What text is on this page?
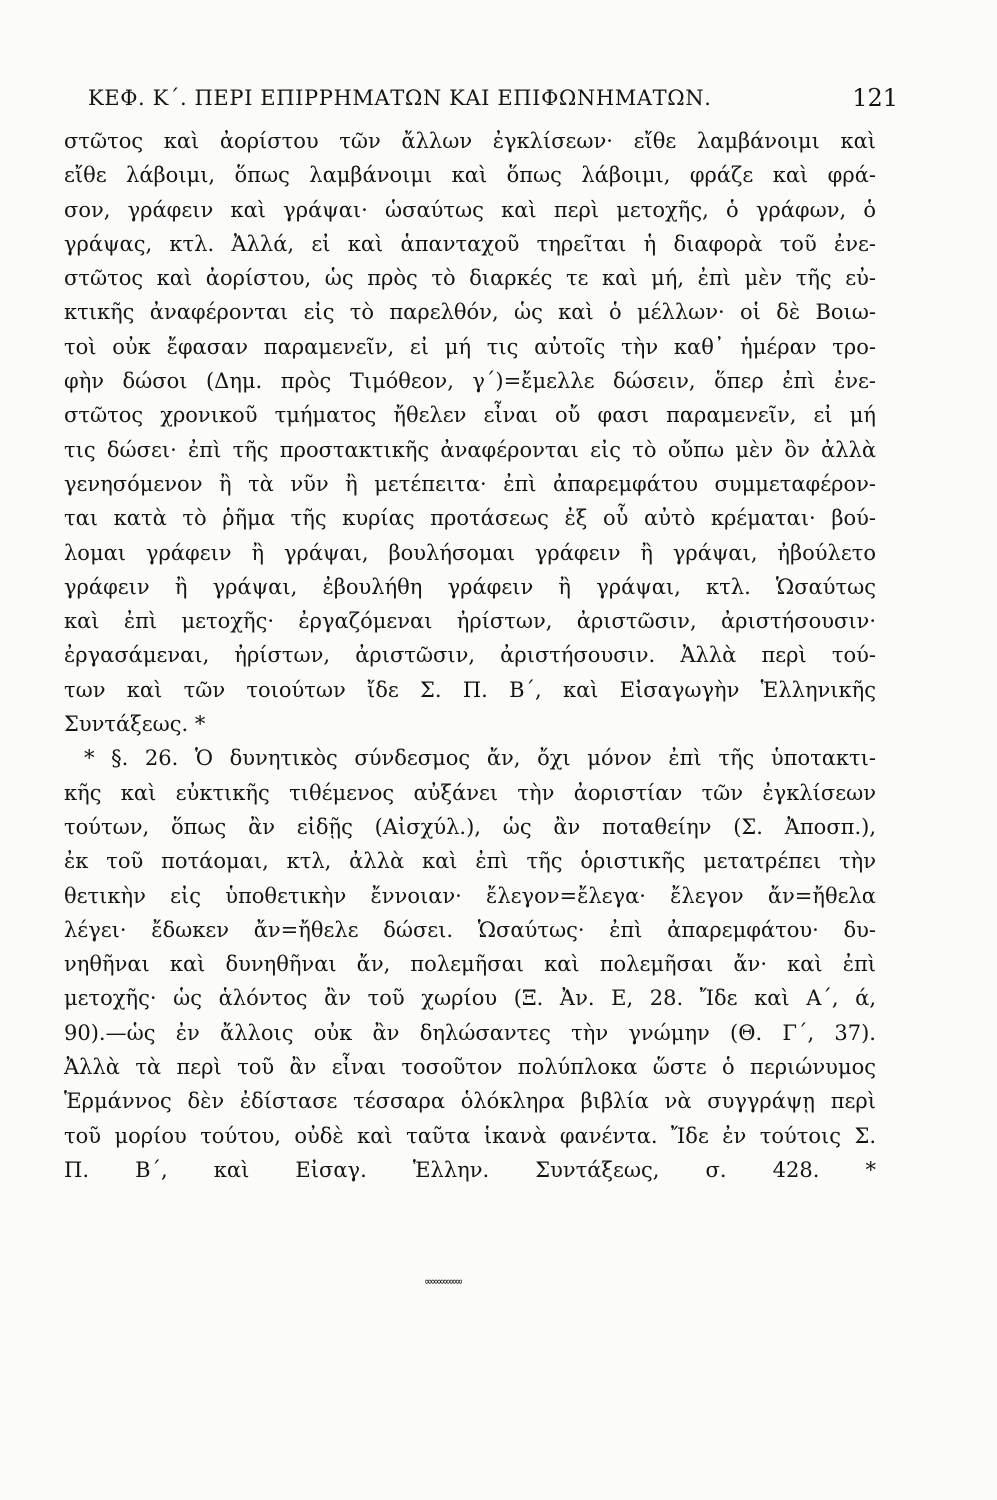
ΚΕΦ. Κ΄. ΠΕΡΙ ΕΠΙΡΡΗΜΑΤΩΝ ΚΑΙ ΕΠΙΦΩΝΗΜΑΤΩΝ.	121
στῶτος καὶ ἀορίστου τῶν ἄλλων ἐγκλίσεων· εἴθε λαμβάνοιμι καὶ
εἴθε λάβοιμι, ὅπως λαμβάνοιμι καὶ ὅπως λάβοιμι, φράζε καὶ φρά-
σον, γράφειν καὶ γράψαι· ὡσαύτως καὶ περὶ μετοχῆς, ὁ γράφων, ὁ
γράψας, κτλ. Ἀλλά, εἰ καὶ ἁπανταχοῦ τηρεῖται ἡ διαφορὰ τοῦ ἐνε-
στῶτος καὶ ἀορίστου, ὡς πρὸς τὸ διαρκές τε καὶ μή, ἐπὶ μὲν τῆς εὐ-
κτικῆς ἀναφέρονται εἰς τὸ παρελθόν, ὡς καὶ ὁ μέλλων· οἱ δὲ Βοιω-
τοὶ οὐκ ἔφασαν παραμενεῖν, εἰ μή τις αὐτοῖς τὴν καθ᾽ ἡμέραν τρο-
φὴν δώσοι (Δημ. πρὸς Τιμόθεον, γ΄)=ἔμελλε δώσειν, ὅπερ ἐπὶ ἐνε-
στῶτος χρονικοῦ τμήματος ἤθελεν εἶναι οὔ φασι παραμενεῖν, εἰ μή
τις δώσει· ἐπὶ τῆς προστακτικῆς ἀναφέρονται εἰς τὸ οὔπω μὲν ὂν ἀλλὰ
γενησόμενον ἢ τὰ νῦν ἢ μετέπειτα· ἐπὶ ἀπαρεμφάτου συμμεταφέρον-
ται κατὰ τὸ ῥῆμα τῆς κυρίας προτάσεως ἐξ οὗ αὐτὸ κρέμαται· βού-
λομαι γράφειν ἢ γράψαι, βουλήσομαι γράφειν ἢ γράψαι, ἠβούλετο
γράφειν ἢ γράψαι, ἐβουλήθη γράφειν ἢ γράψαι, κτλ. Ὡσαύτως
καὶ ἐπὶ μετοχῆς· ἐργαζόμεναι ἠρίστων, ἀριστῶσιν, ἀριστήσουσιν·
ἐργασάμεναι, ἠρίστων, ἀριστῶσιν, ἀριστήσουσιν. Ἀλλὰ περὶ τού-
των καὶ τῶν τοιούτων ἴδε Σ. Π. Β΄, καὶ Εἰσαγωγὴν Ἑλληνικῆς
Συντάξεως. *
* §. 26. Ὁ δυνητικὸς σύνδεσμος ἄν, ὄχι μόνον ἐπὶ τῆς ὑποτακτι-
κῆς καὶ εὐκτικῆς τιθέμενος αὐξάνει τὴν ἀοριστίαν τῶν ἐγκλίσεων
τούτων, ὅπως ἂν εἰδῇς (Αἰσχύλ.), ὡς ἂν ποταθείην (Σ. Ἀποσπ.),
ἐκ τοῦ ποτάομαι, κτλ, ἀλλὰ καὶ ἐπὶ τῆς ὁριστικῆς μετατρέπει τὴν
θετικὴν εἰς ὑποθετικὴν ἔννοιαν· ἔλεγον=ἔλεγα· ἔλεγον ἄν=ἤθελα
λέγει· ἔδωκεν ἄν=ἤθελε δώσει. Ὡσαύτως· ἐπὶ ἀπαρεμφάτου· δυ-
νηθῆναι καὶ δυνηθῆναι ἄν, πολεμῆσαι καὶ πολεμῆσαι ἄν· καὶ ἐπὶ
μετοχῆς· ὡς ἁλόντος ἂν τοῦ χωρίου (Ξ. Ἀν. Ε, 28. Ἴδε καὶ Α΄, ά,
90).—ὡς ἐν ἄλλοις οὐκ ἂν δηλώσαντες τὴν γνώμην (Θ. Γ΄, 37).
Ἀλλὰ τὰ περὶ τοῦ ἂν εἶναι τοσοῦτον πολύπλοκα ὥστε ὁ περιώνυμος
Ἑρμάννος δὲν ἐδίστασε τέσσαρα ὁλόκληρα βιβλία νὰ συγγράψῃ περὶ
τοῦ μορίου τούτου, οὐδὲ καὶ ταῦτα ἱκανὰ φανέντα. Ἴδε ἐν τούτοις Σ.
Π. Β΄, καὶ Εἰσαγ. Ἑλλην. Συντάξεως, σ. 428. *
∞∞∞∞∞∞
